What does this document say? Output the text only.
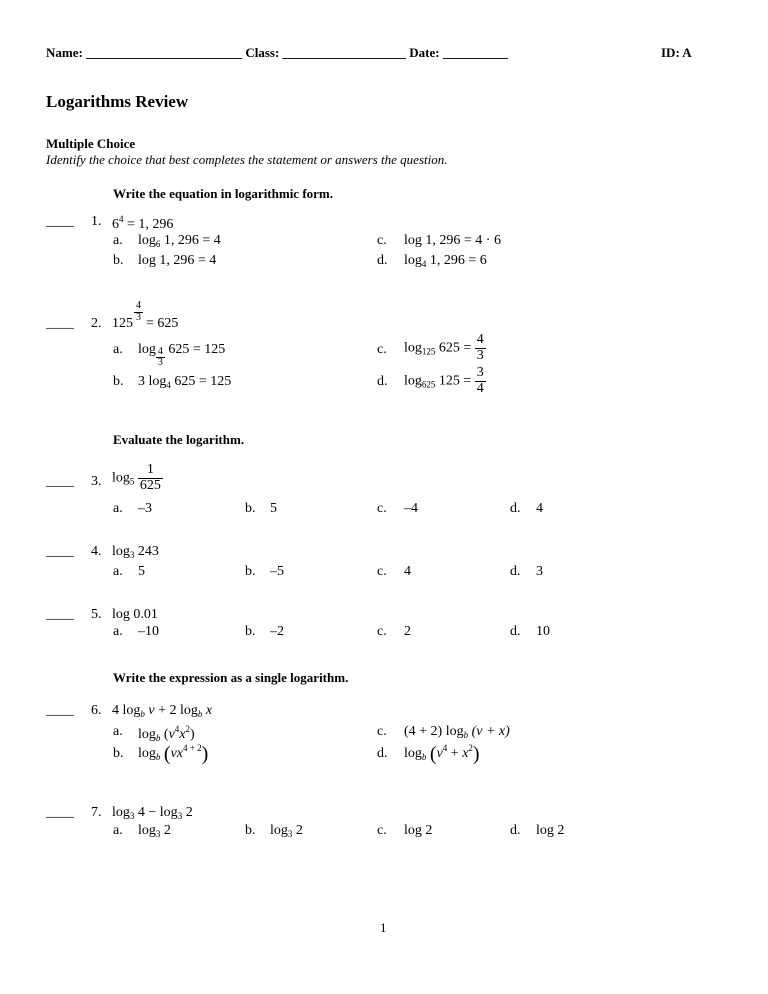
Name: ________________________ Class: ___________________ Date: __________	ID: A
Logarithms Review
Multiple Choice
Identify the choice that best completes the statement or answers the question.
Write the equation in logarithmic form.
____ 1. $6^4 = 1$, 296
a. $\log_6 1$, 296 = 4
b. log 1, 296 = 4
c. log 1, 296 = 4 · 6
d. $\log_4 1$, 296 = 6
____ 2. 125
$\frac{4}{3}$
= 625
a. $\log \frac{4}{3} 625 = 125$
b. 3 $\log_4 625 = 125$
c. $\log_{125} 625 = \frac{4}{3}$
d. $\log_{625} 125 = \frac{3}{4}$
Evaluate the logarithm.
____ 3. $\log_5 \frac{1}{625}$
a. –3	b. 5	c. –4	d. 4
____ 4. $\log_3 243$
a. 5	b. –5	c. 4	d. 3
____ 5. log 0.01
a. –10	b. –2	c. 2	d. 10
Write the expression as a single logarithm.
____ 6. 4 $\log_b v + 2$ $\log_b x$
a. $\log_b (v^4x^2)$
b. $\log_b (vx^{4 + 2})$
c. (4 + 2) $\log_b (v + x)$
d. $\log_b (v^4 + x^2)$
____ 7. $\log_3 4 - \log_3 2$
a. $\log_3 2$	b. $\log_3 2$	c. log 2	d. log 2
1
